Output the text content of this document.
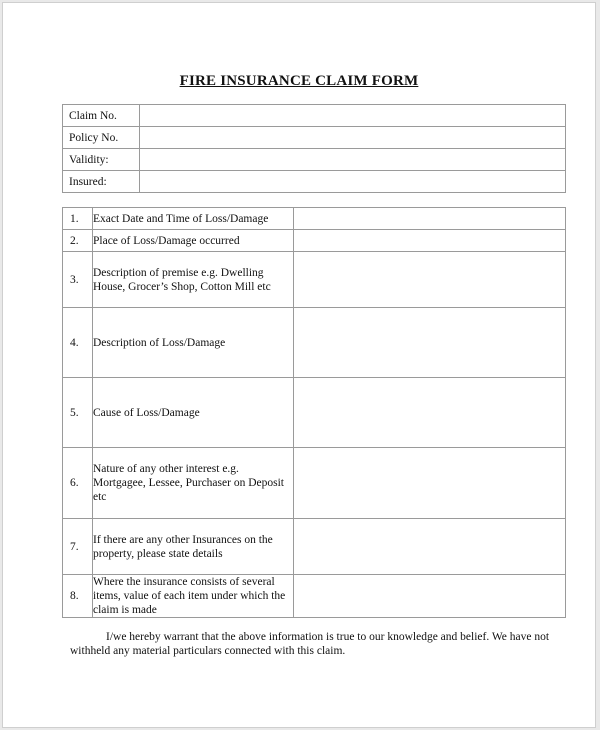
FIRE INSURANCE CLAIM FORM
Claim No.	
Policy No.	
Validity:	
Insured:	
1.	Exact Date and Time of Loss/Damage	
2.	Place of Loss/Damage occurred	
3.	Description of premise e.g. Dwelling House, Grocer’s Shop, Cotton Mill etc	
4.	Description of Loss/Damage	
5.	Cause of Loss/Damage	
6.	Nature of any other interest e.g. Mortgagee, Lessee, Purchaser on Deposit etc	
7.	If there are any other Insurances on the property, please state details	
8.	Where the insurance consists of several items, value of each item under which the claim is made	
I/we hereby warrant that the above information is true to our knowledge and belief. We have not withheld any material particulars connected with this claim.
